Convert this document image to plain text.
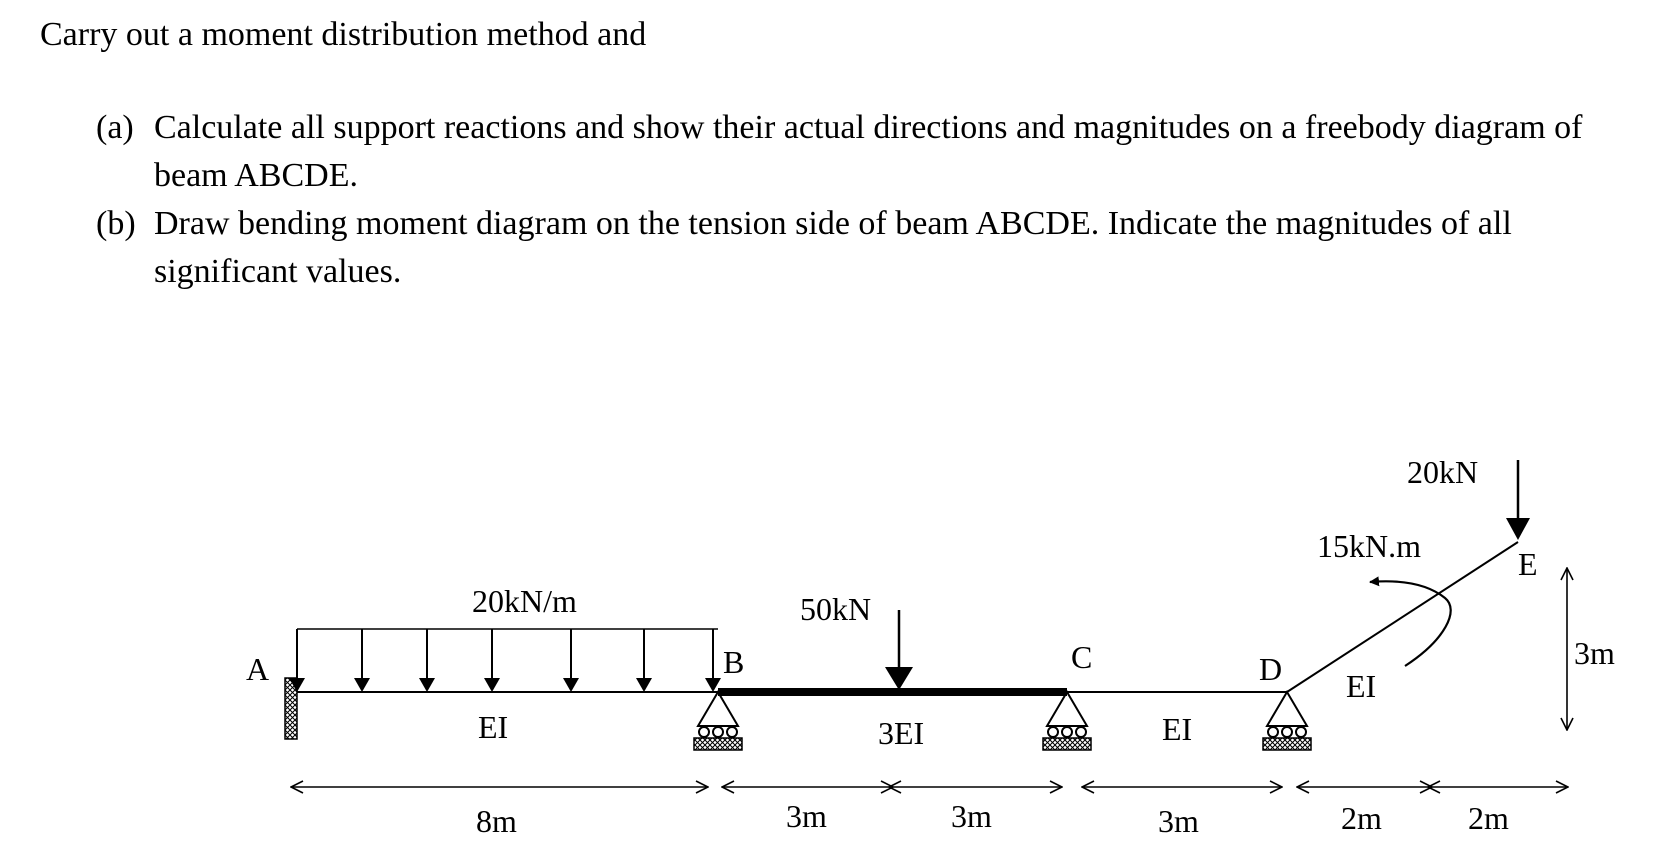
Carry out a moment distribution method and

(a) Calculate all support reactions and show their actual directions and magnitudes on a freebody diagram of beam ABCDE.
(b) Draw bending moment diagram on the tension side of beam ABCDE. Indicate the magnitudes of all significant values.
A	B	C	D
E
20kN/m	50kN
20kN
15kN.m
EI	3EI	EI
EI
8m	3m	3m	3m	2m	2m
3m
